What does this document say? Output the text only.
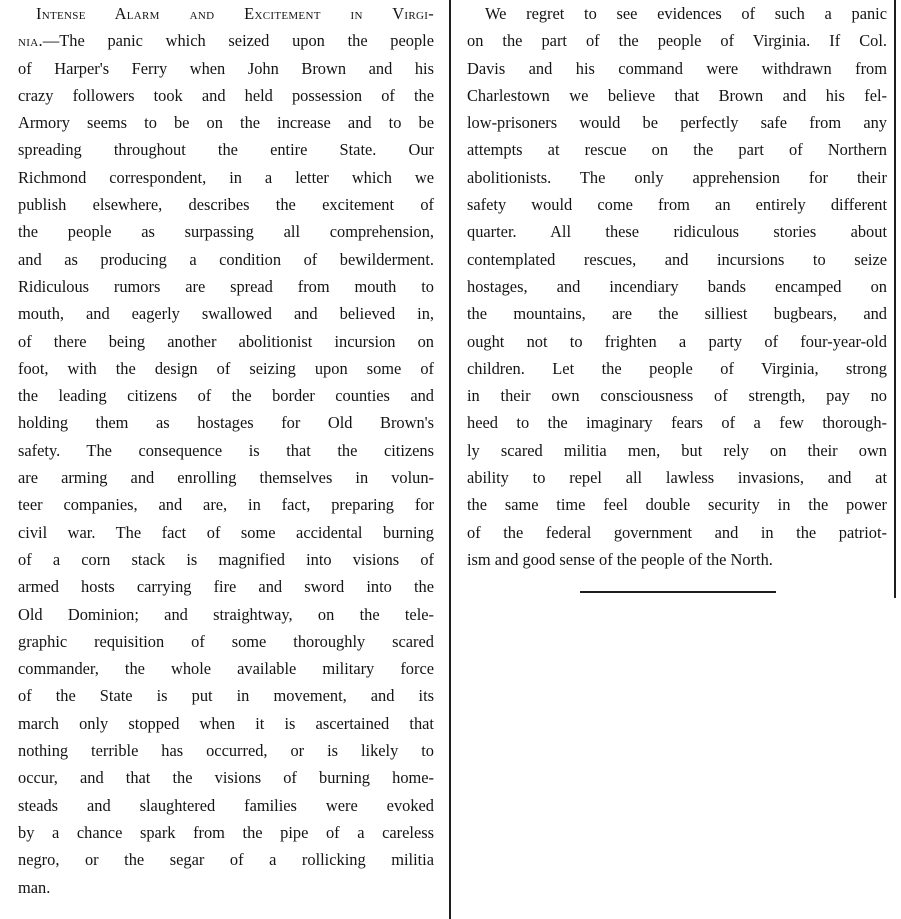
Intense Alarm and Excitement in Virgi-
nia.—The panic which seized upon the people
of Harper's Ferry when John Brown and his
crazy followers took and held possession of the
Armory seems to be on the increase and to be
spreading throughout the entire State. Our
Richmond correspondent, in a letter which we
publish elsewhere, describes the excitement of
the people as surpassing all comprehension,
and as producing a condition of bewilderment.
Ridiculous rumors are spread from mouth to
mouth, and eagerly swallowed and believed in,
of there being another abolitionist incursion on
foot, with the design of seizing upon some of
the leading citizens of the border counties and
holding them as hostages for Old Brown's
safety. The consequence is that the citizens
are arming and enrolling themselves in volun-
teer companies, and are, in fact, preparing for
civil war. The fact of some accidental burning
of a corn stack is magnified into visions of
armed hosts carrying fire and sword into the
Old Dominion; and straightway, on the tele-
graphic requisition of some thoroughly scared
commander, the whole available military force
of the State is put in movement, and its
march only stopped when it is ascertained that
nothing terrible has occurred, or is likely to
occur, and that the visions of burning home-
steads and slaughtered families were evoked
by a chance spark from the pipe of a careless
negro, or the segar of a rollicking militia
man.
We regret to see evidences of such a panic
on the part of the people of Virginia. If Col.
Davis and his command were withdrawn from
Charlestown we believe that Brown and his fel-
low-prisoners would be perfectly safe from any
attempts at rescue on the part of Northern
abolitionists. The only apprehension for their
safety would come from an entirely different
quarter. All these ridiculous stories about
contemplated rescues, and incursions to seize
hostages, and incendiary bands encamped on
the mountains, are the silliest bugbears, and
ought not to frighten a party of four-year-old
children. Let the people of Virginia, strong
in their own consciousness of strength, pay no
heed to the imaginary fears of a few thorough-
ly scared militia men, but rely on their own
ability to repel all lawless invasions, and at
the same time feel double security in the power
of the federal government and in the patriot-
ism and good sense of the people of the North.
